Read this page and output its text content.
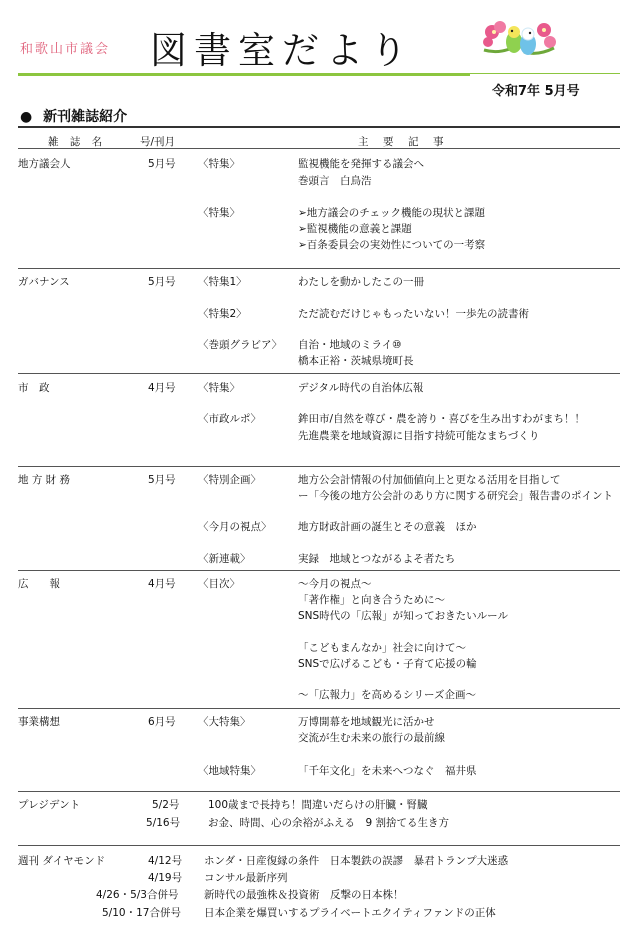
和歌山市議会 図書室だより
令和7年 5月号
● 新刊雑誌紹介
雑 誌 名	号/刊月	主　要　記　事
地方議会人	5月号 〈特集〉	監視機能を発揮する議会へ
巻頭言　白鳥浩
〈特集〉	➢地方議会のチェック機能の現状と課題
➢監視機能の意義と課題
➢百条委員会の実効性についての一考察
ガバナンス	5月号 〈特集1〉	わたしを動かしたこの一冊
〈特集2〉	ただ読むだけじゃもったいない！一歩先の読書術
〈巻頭グラビア〉 自治・地域のミライ⑩
橋本正裕・茨城県境町長
市　政	4月号 〈特集〉	デジタル時代の自治体広報
〈市政ルポ〉	鉾田市/自然を尊び・農を誇り・喜びを生み出すわがまち！！
先進農業を地域資源に目指す持続可能なまちづくり
地 方 財 務	5月号 〈特別企画〉	地方公会計情報の付加価値向上と更なる活用を目指して
ー「今後の地方公会計のあり方に関する研究会」報告書のポイント
〈今月の視点〉	地方財政計画の誕生とその意義　ほか
〈新連載〉	実録　地域とつながるよそ者たち
広　　報	4月号 〈目次〉	～今月の視点～
「著作権」と向き合うために～
SNS時代の「広報」が知っておきたいルール
「こどもまんなか」社会に向けて～
SNSで広げるこども・子育て応援の輪
～「広報力」を高めるシリーズ企画～
事業構想	6月号 〈大特集〉	万博開幕を地域観光に活かせ
交流が生む未来の旅行の最前線
〈地域特集〉	「千年文化」を未来へつなぐ　福井県
プレジデント	5/2号	100歳まで長持ち！間違いだらけの肝臓・腎臓
5/16号	お金、時間、心の余裕がふえる　9 割捨てる生き方
週刊 ダイヤモンド	4/12号 ホンダ・日産復縁の条件　日本製鉄の誤謬　暴君トランプ大迷惑
4/19号 コンサル最新序列
4/26・5/3合併号 新時代の最強株＆投資術　反撃の日本株！
5/10・17合併号 日本企業を爆買いするプライベートエクイティファンドの正体
